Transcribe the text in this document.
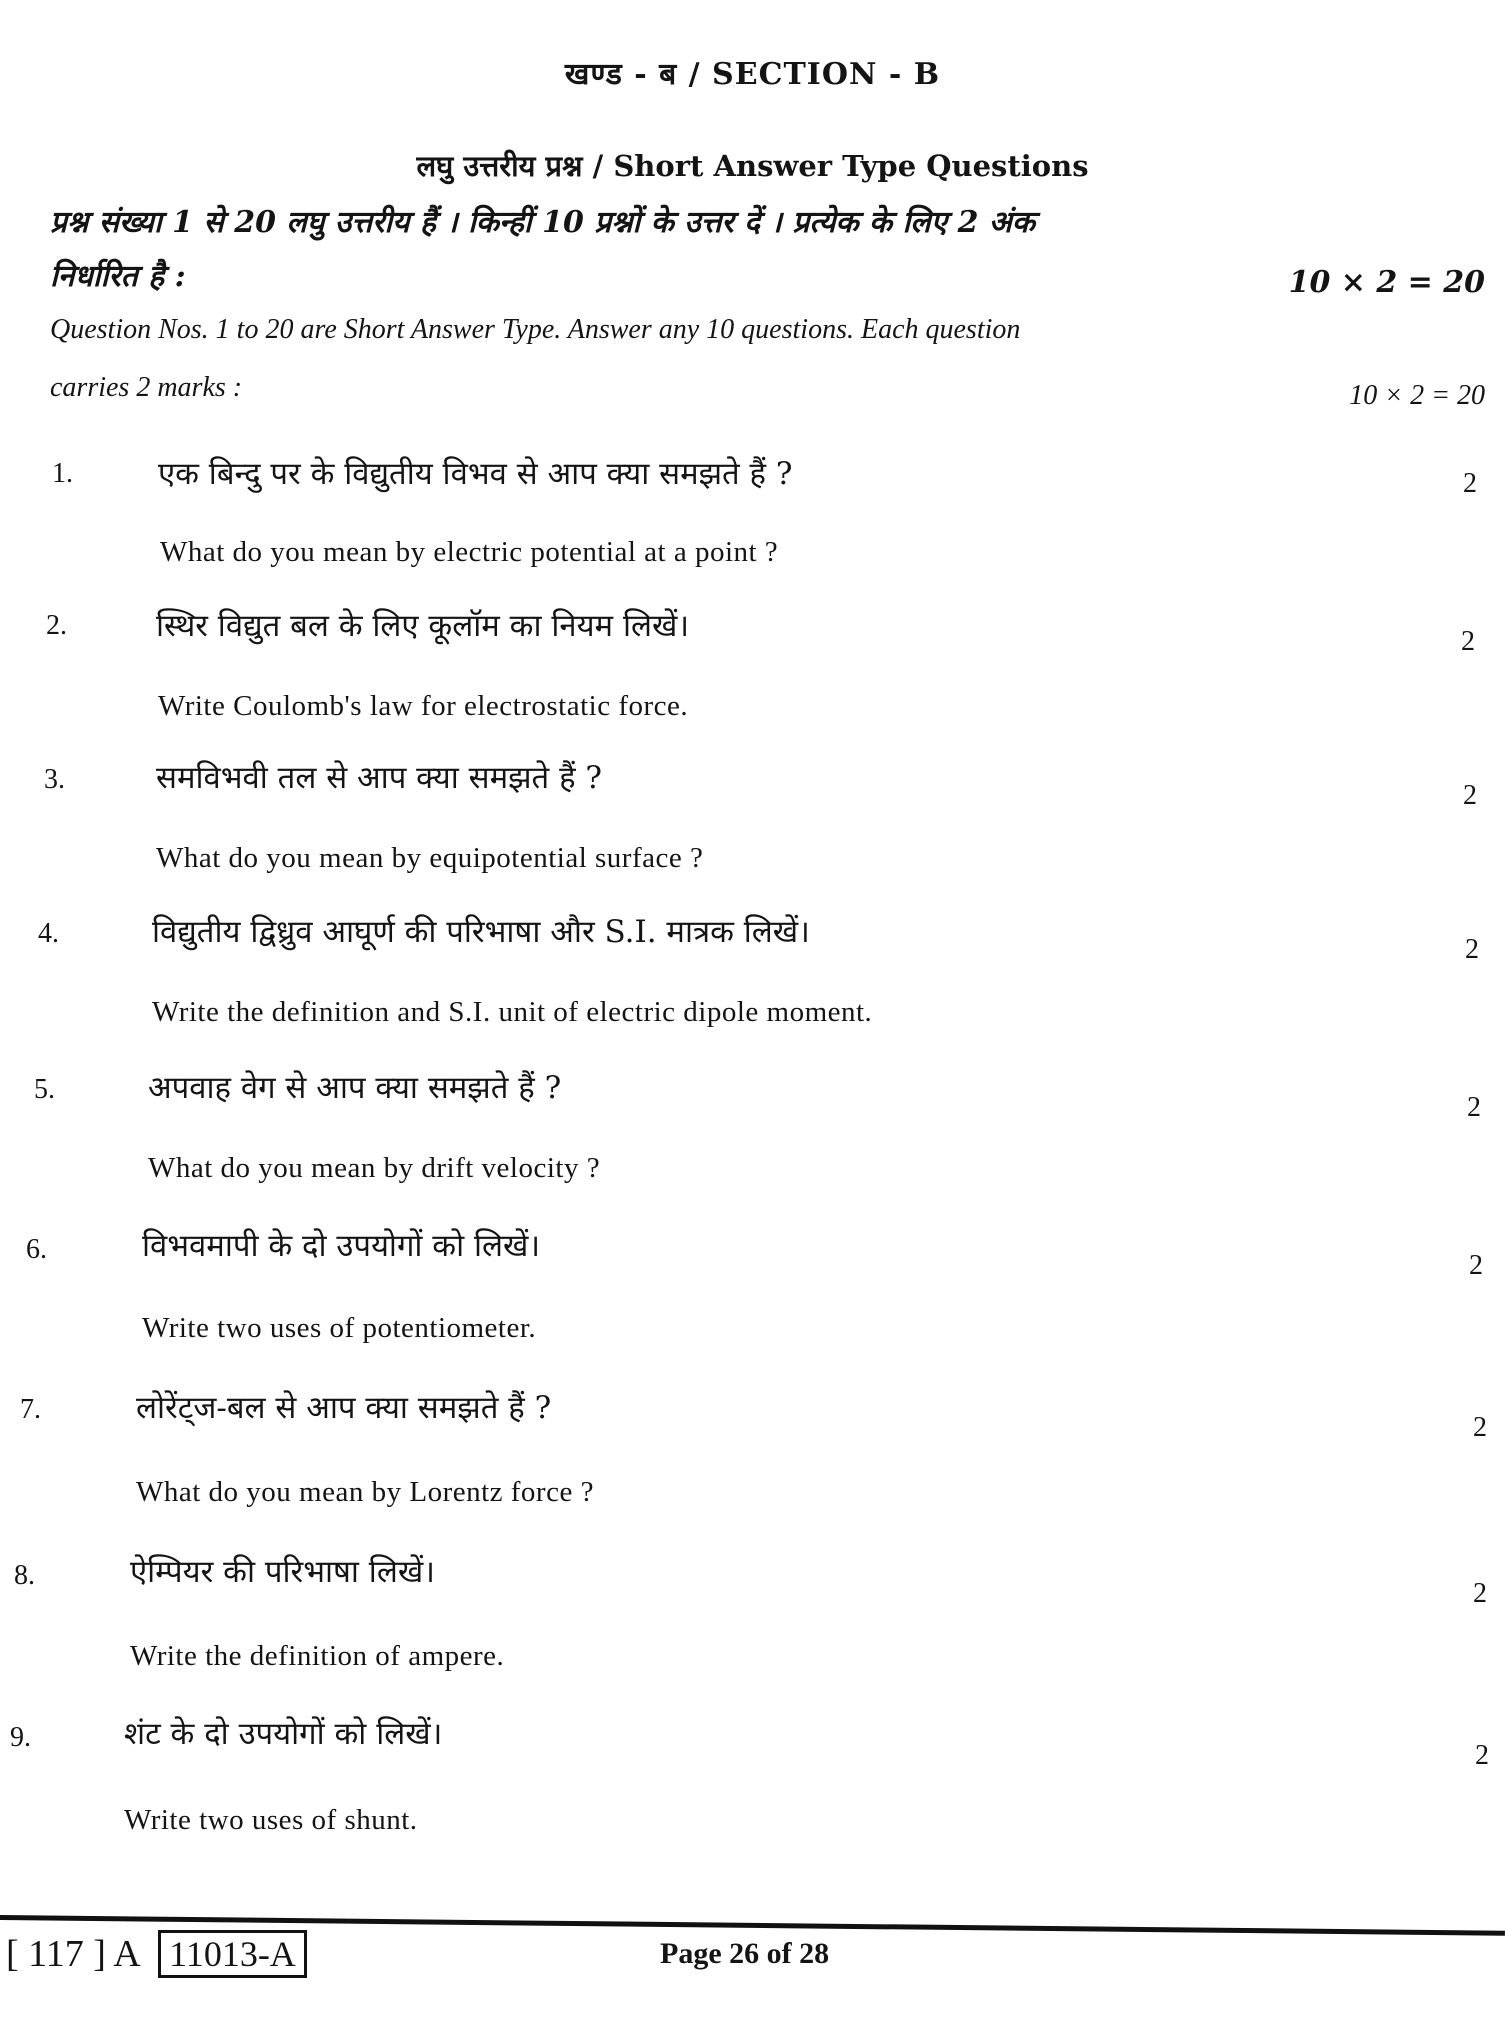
खण्ड - ब / SECTION - B
लघु उत्तरीय प्रश्न / Short Answer Type Questions
प्रश्न संख्या 1 से 20 लघु उत्तरीय हैं । किन्हीं 10 प्रश्नों के उत्तर दें । प्रत्येक के लिए 2 अंक
निर्धारित है :	10 × 2 = 20
Question Nos. 1 to 20 are Short Answer Type. Answer any 10 questions. Each question
carries 2 marks :	10 × 2 = 20
1.	एक बिन्दु पर के विद्युतीय विभव से आप क्या समझते हैं ?	2
What do you mean by electric potential at a point ?
2.	स्थिर विद्युत बल के लिए कूलॉम का नियम लिखें।	2
Write Coulomb's law for electrostatic force.
3.	समविभवी तल से आप क्या समझते हैं ?	2
What do you mean by equipotential surface ?
4.	विद्युतीय द्विध्रुव आघूर्ण की परिभाषा और S.I. मात्रक लिखें।	2
Write the definition and S.I. unit of electric dipole moment.
5.	अपवाह वेग से आप क्या समझते हैं ?
2
What do you mean by drift velocity ?
6.	विभवमापी के दो उपयोगों को लिखें।
2
Write two uses of potentiometer.
7.	लोरेंट्ज-बल से आप क्या समझते हैं ?
2
What do you mean by Lorentz force ?
8.	ऐम्पियर की परिभाषा लिखें।
2
Write the definition of ampere.
9.	शंट के दो उपयोगों को लिखें।
2
Write two uses of shunt.
[ 117 ] A 11013-A	Page 26 of 28
